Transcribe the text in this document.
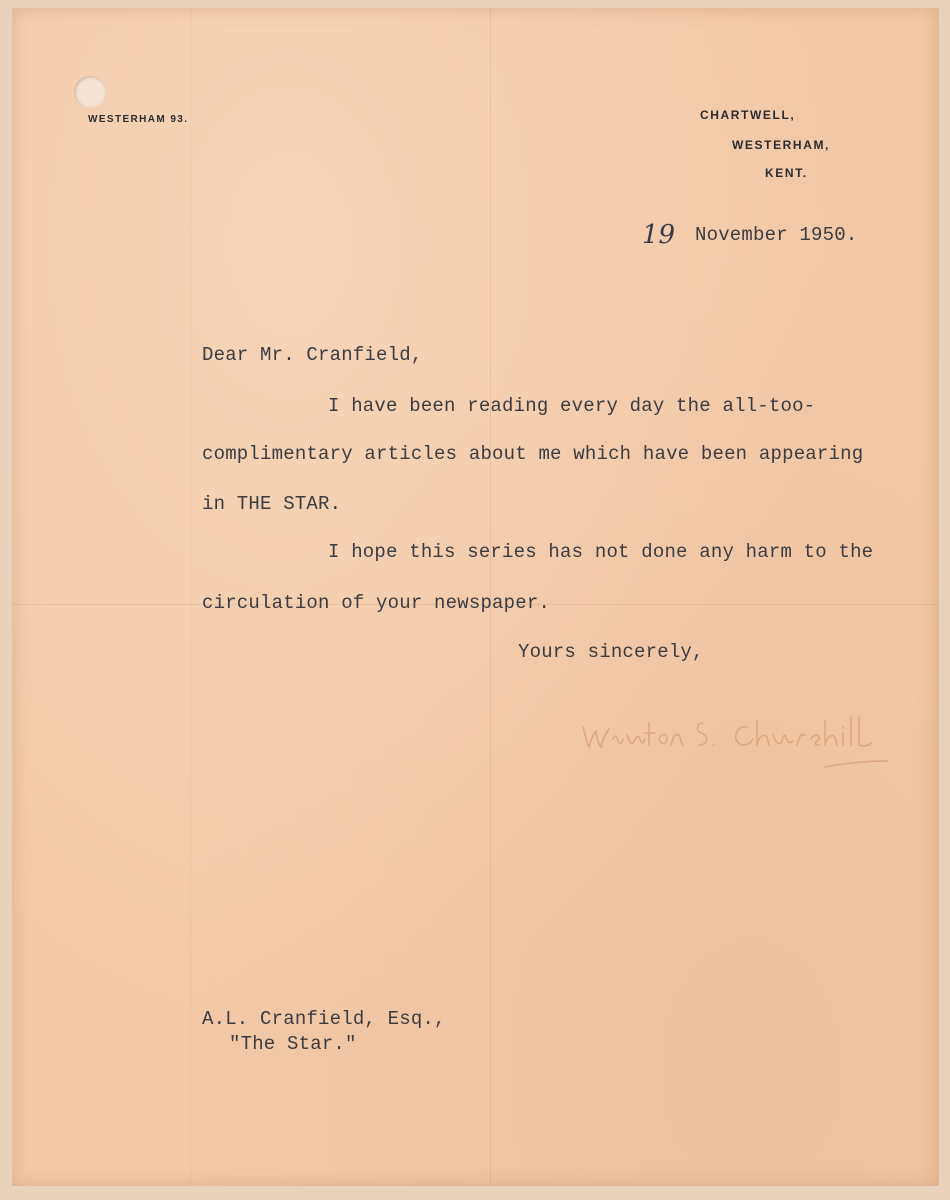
WESTERHAM 93.	CHARTWELL,
WESTERHAM,
KENT.
19 November 1950.
Dear Mr. Cranfield,
I have been reading every day the all-too-
complimentary articles about me which have been appearing
in THE STAR.
I hope this series has not done any harm to the
circulation of your newspaper.
Yours sincerely,
A.L. Cranfield, Esq.,
"The Star."
